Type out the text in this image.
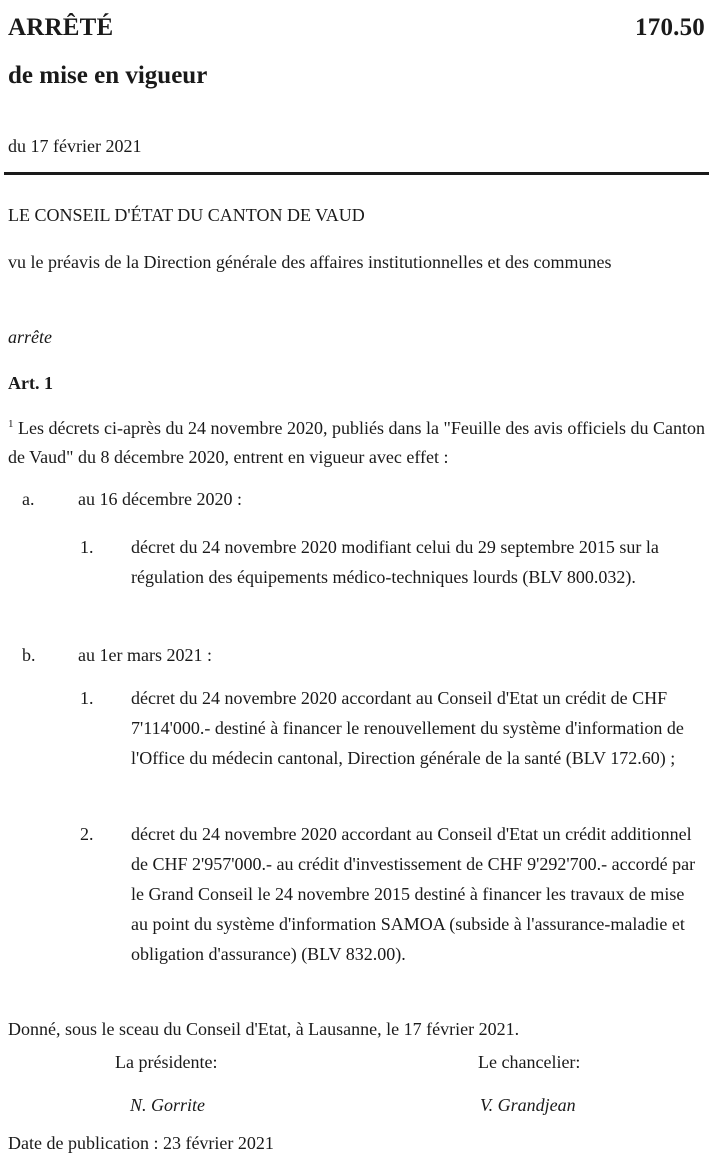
ARRÊTÉ	170.50
de mise en vigueur
du 17 février 2021
LE CONSEIL D'ÉTAT DU CANTON DE VAUD
vu le préavis de la Direction générale des affaires institutionnelles et des communes
arrête
Art. 1
$^1$ Les décrets ci-après du 24 novembre 2020, publiés dans la "Feuille des avis officiels du Canton de Vaud" du 8 décembre 2020, entrent en vigueur avec effet :
a. au 16 décembre 2020 :
1. décret du 24 novembre 2020 modifiant celui du 29 septembre 2015 sur la régulation des équipements médico-techniques lourds (BLV 800.032).
b. au 1er mars 2021 :
1. décret du 24 novembre 2020 accordant au Conseil d'Etat un crédit de CHF 7'114'000.- destiné à financer le renouvellement du système d'information de l'Office du médecin cantonal, Direction générale de la santé (BLV 172.60) ;
2. décret du 24 novembre 2020 accordant au Conseil d'Etat un crédit additionnel de CHF 2'957'000.- au crédit d'investissement de CHF 9'292'700.- accordé par le Grand Conseil le 24 novembre 2015 destiné à financer les travaux de mise au point du système d'information SAMOA (subside à l'assurance-maladie et obligation d'assurance) (BLV 832.00).
Donné, sous le sceau du Conseil d'Etat, à Lausanne, le 17 février 2021.
La présidente:	Le chancelier:
N. Gorrite	V. Grandjean
Date de publication : 23 février 2021
